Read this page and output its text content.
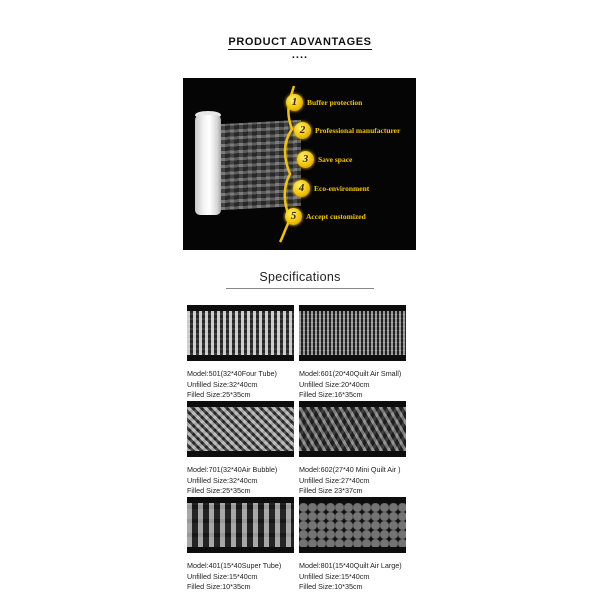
PRODUCT ADVANTAGES
....
1	Buffer protection
2	Professional manufacturer
3	Save space
4	Eco-environment
5	Accept customized
Specifications
Model:501(32*40Four Tube)
Unfilled Size:32*40cm
Filled Size:25*35cm
Model:601(20*40Quilt Air Small)
Unfilled Size:20*40cm
Filled Size:16*35cm
Model:701(32*40Air Bubble)
Unfilled Size:32*40cm
Filled Size:25*35cm
Model:602(27*40 Mini Quilt Air )
Unfilled Size:27*40cm
Filled Size 23*37cm
Model:401(15*40Super Tube)
Unfilled Size:15*40cm
Filled Size:10*35cm
Model:801(15*40Quilt Air Large)
Unfilled Size:15*40cm
Filled Size:10*35cm
